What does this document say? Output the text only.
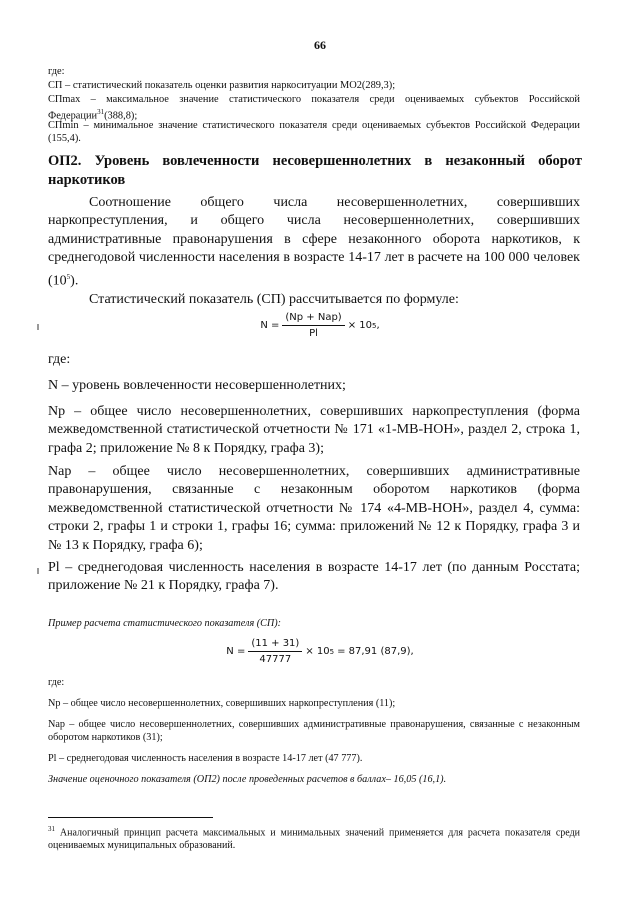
66
где:
СП – статистический показатель оценки развития наркоситуации МО2(289,3);
СПmax – максимальное значение статистического показателя среди оцениваемых субъектов Российской Федерации$^{31}$(388,8);
СПmin – минимальное значение статистического показателя среди оцениваемых субъектов Российской Федерации (155,4).
ОП2. Уровень вовлеченности несовершеннолетних в незаконный оборот наркотиков
Соотношение общего числа несовершеннолетних, совершивших наркопреступления, и общего числа несовершеннолетних, совершивших административные правонарушения в сфере незаконного оборота наркотиков, к среднегодовой численности населения в возрасте 14-17 лет в расчете на 100 000 человек $(10^5)$.
Статистический показатель (СП) рассчитывается по формуле:
$N = \frac{\text{(Np + Nap)}}{Pl} \times 10$ 5 ,
где:
N – уровень вовлеченности несовершеннолетних;
Np – общее число несовершеннолетних, совершивших наркопреступления (форма межведомственной статистической отчетности № 171 «1-МВ-НОН», раздел 2, строка 1, графа 2; приложение № 8 к Порядку, графа 3);
Nap – общее число несовершеннолетних, совершивших административные правонарушения, связанные с незаконным оборотом наркотиков (форма межведомственной статистической отчетности № 174 «4-МВ-НОН», раздел 4, сумма: строки 2, графы 1 и строки 1, графы 16; сумма: приложений № 12 к Порядку, графа 3 и № 13 к Порядку, графа 6);
Pl – среднегодовая численность населения в возрасте 14-17 лет (по данным Росстата; приложение № 21 к Порядку, графа 7).
Пример расчета статистического показателя (СП):
$N = \frac{(11 + 31)}{47777} \times 10$ 5 = 87,91 (87,9),
где:
Np – общее число несовершеннолетних, совершивших наркопреступления (11);
Nap – общее число несовершеннолетних, совершивших административные правонарушения, связанные с незаконным оборотом наркотиков (31);
Pl – среднегодовая численность населения в возрасте 14-17 лет (47 777).
Значение оценочного показателя (ОП2) после проведенных расчетов в баллах– 16,05 (16,1).
$^{31}$ Аналогичный принцип расчета максимальных и минимальных значений применяется для расчета показателя среди оцениваемых муниципальных образований.
